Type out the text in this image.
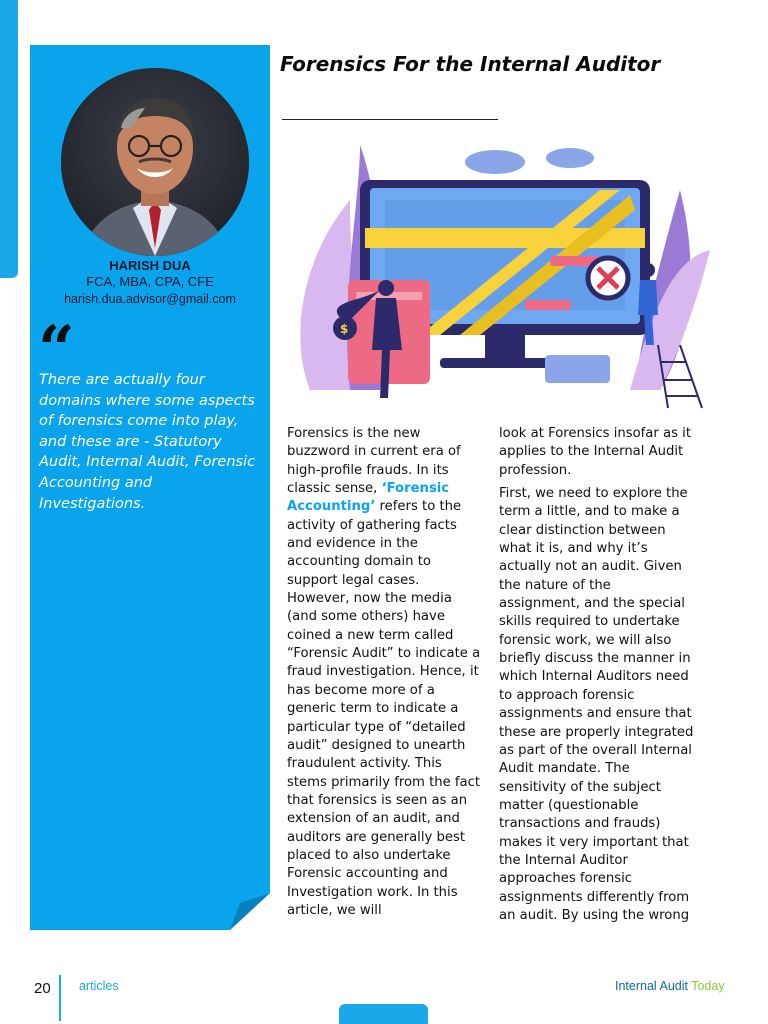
HARISH DUA
FCA, MBA, CPA, CFE
harish.dua.advisor@gmail.com
“
There are actually four domains where some aspects of forensics come into play, and these are - Statutory Audit, Internal Audit, Forensic Accounting and Investigations.
Forensics For the Internal Auditor
$
Forensics is the new buzzword in current era of high-profile frauds. In its classic sense, ‘Forensic Accounting’ refers to the activity of gathering facts and evidence in the accounting domain to support legal cases. However, now the media (and some others) have coined a new term called “Forensic Audit” to indicate a fraud investigation. Hence, it has become more of a generic term to indicate a particular type of “detailed audit” designed to unearth fraudulent activity. This stems primarily from the fact that forensics is seen as an extension of an audit, and auditors are generally best placed to also undertake Forensic accounting and Investigation work. In this article, we will

look at Forensics insofar as it applies to the Internal Audit profession.

First, we need to explore the term a little, and to make a clear distinction between what it is, and why it’s actually not an audit. Given the nature of the assignment, and the special skills required to undertake forensic work, we will also briefly discuss the manner in which Internal Auditors need to approach forensic assignments and ensure that these are properly integrated as part of the overall Internal Audit mandate. The sensitivity of the subject matter (questionable transactions and frauds) makes it very important that the Internal Auditor approaches forensic assignments differently from an audit. By using the wrong

20 articles	Internal Audit Today
